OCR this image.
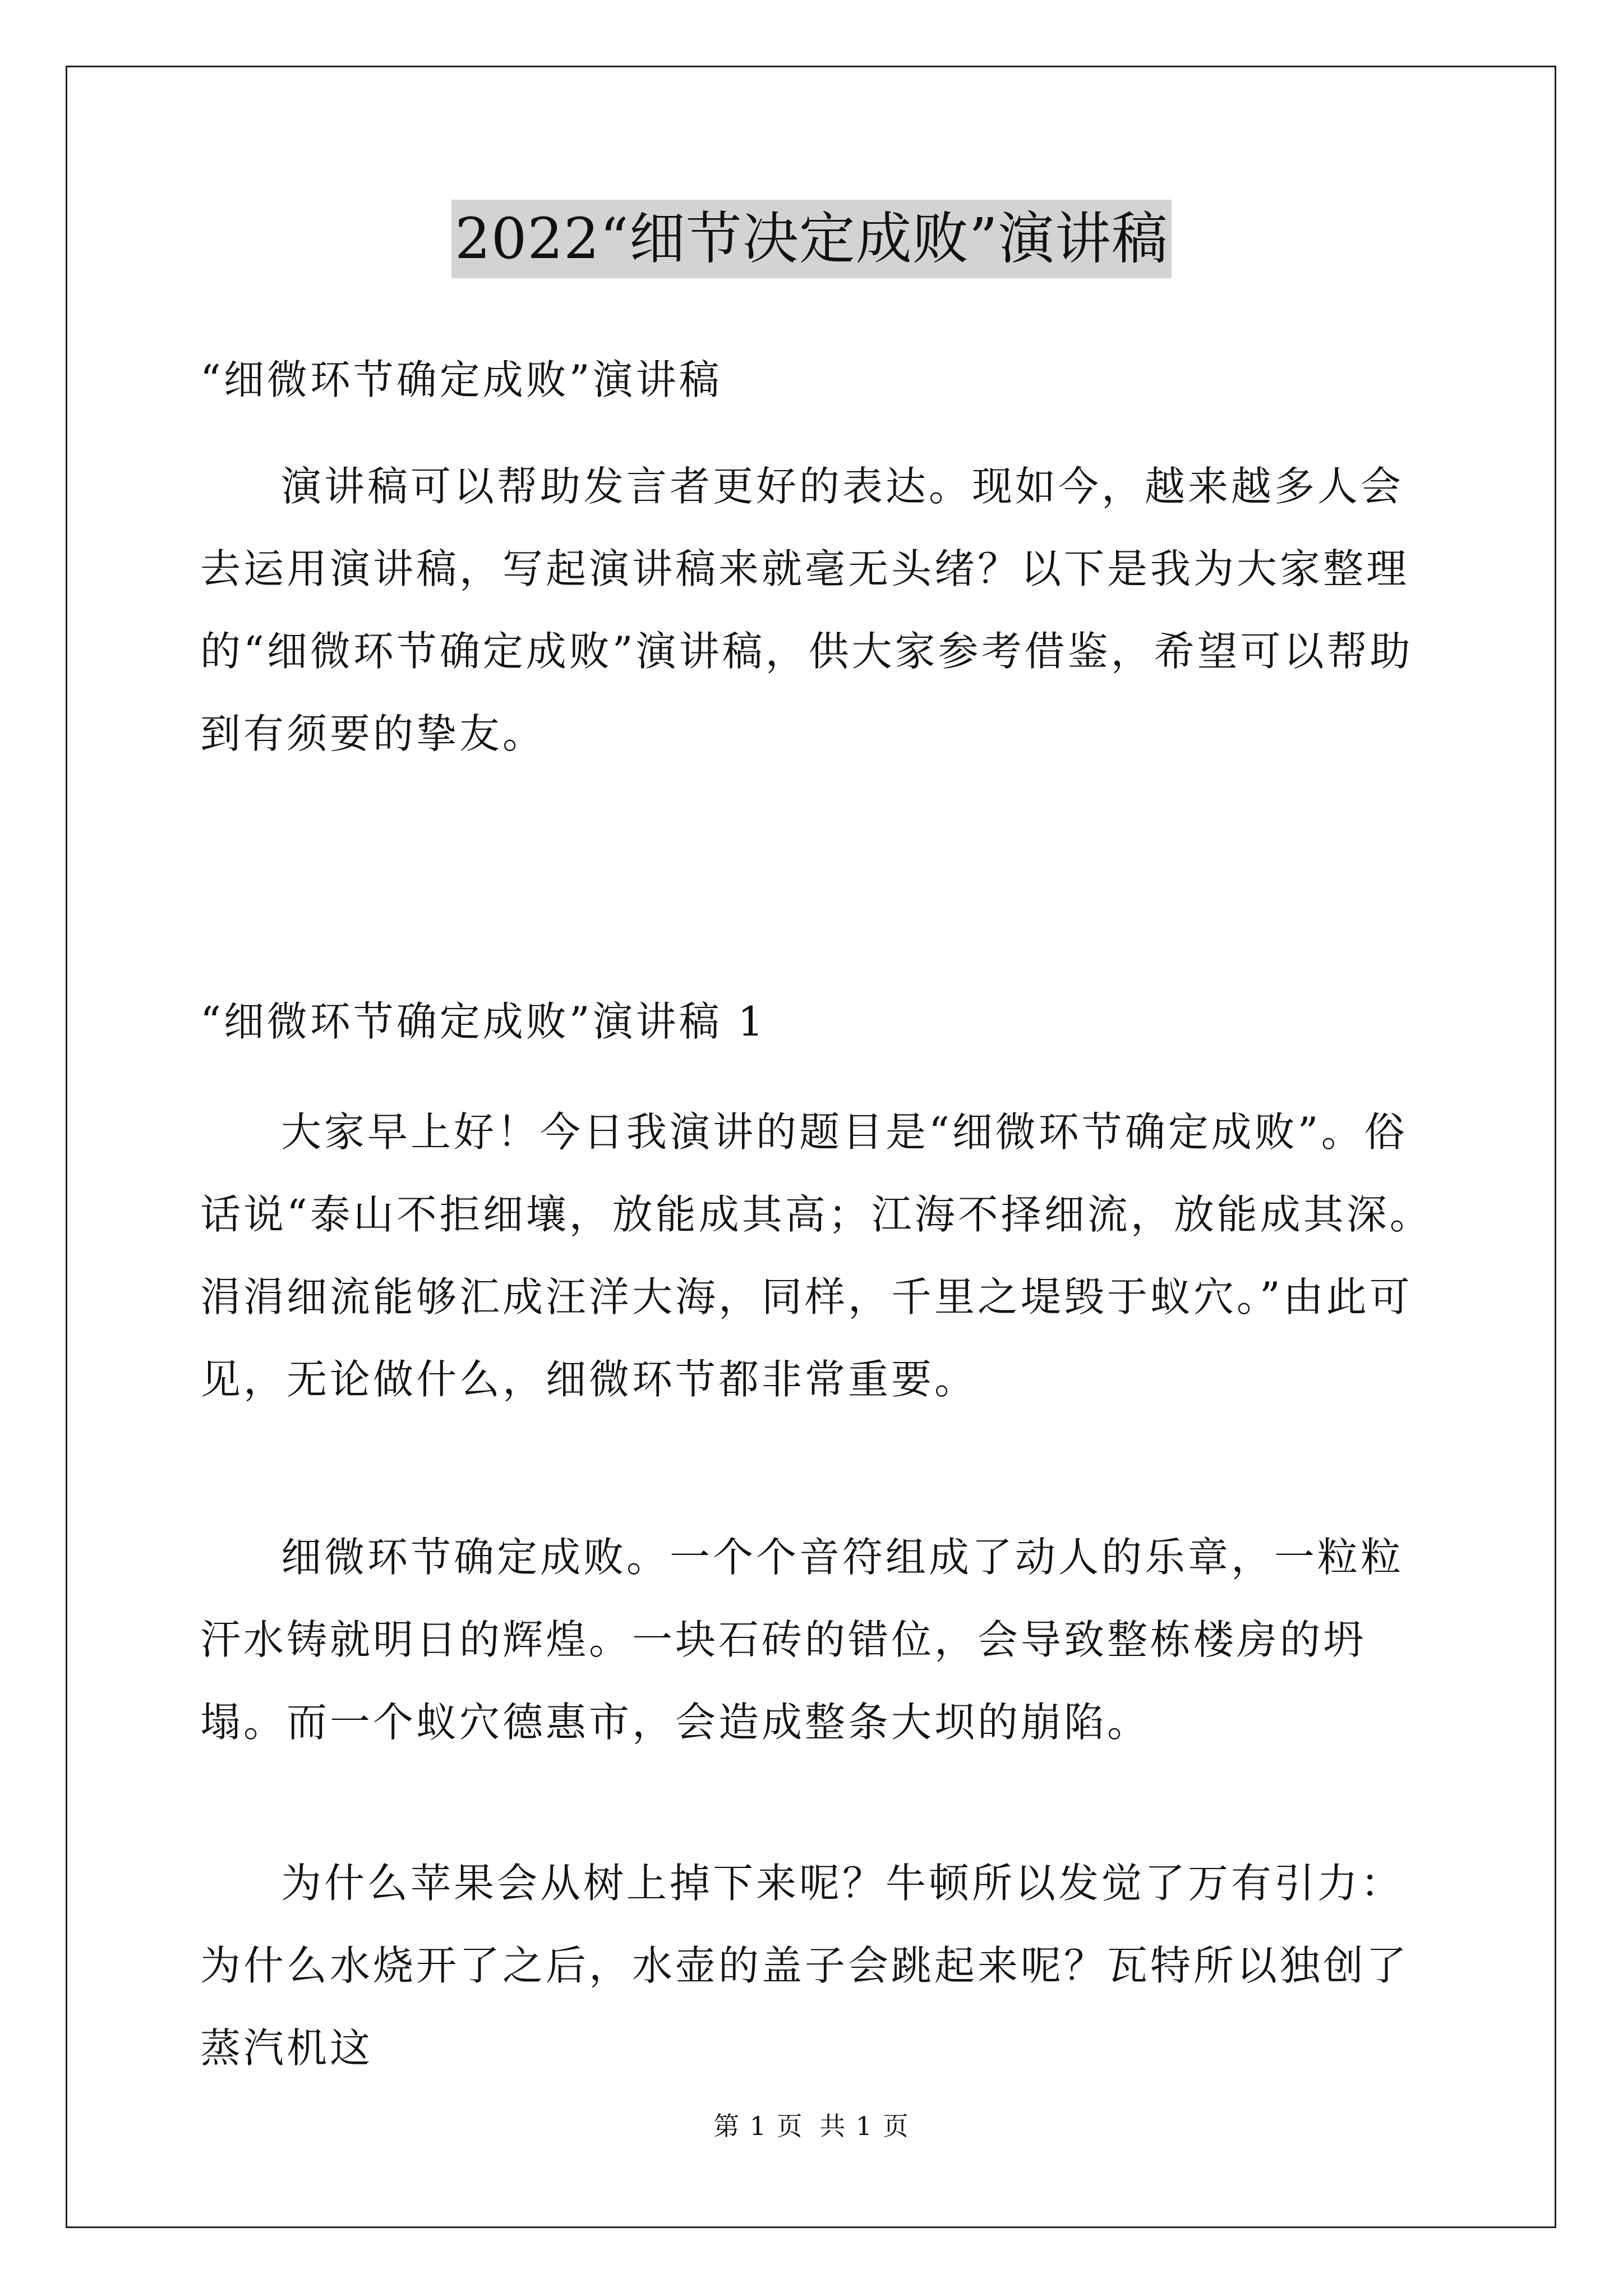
2022“细节决定成败”演讲稿

“细微环节确定成败”演讲稿

演讲稿可以帮助发言者更好的表达。现如今，越来越多人会去运用演讲稿，写起演讲稿来就毫无头绪？以下是我为大家整理的“细微环节确定成败”演讲稿，供大家参考借鉴，希望可以帮助到有须要的挚友。

“细微环节确定成败”演讲稿 1

大家早上好！今日我演讲的题目是“细微环节确定成败”。俗话说“泰山不拒细壤，放能成其高；江海不择细流，放能成其深。涓涓细流能够汇成汪洋大海，同样，千里之堤毁于蚁穴。”由此可见，无论做什么，细微环节都非常重要。

细微环节确定成败。一个个音符组成了动人的乐章，一粒粒汗水铸就明日的辉煌。一块石砖的错位，会导致整栋楼房的坍塌。而一个蚁穴德惠市，会造成整条大坝的崩陷。

为什么苹果会从树上掉下来呢？牛顿所以发觉了万有引力：为什么水烧开了之后，水壶的盖子会跳起来呢？瓦特所以独创了蒸汽机这

第 1 页 共 1 页
